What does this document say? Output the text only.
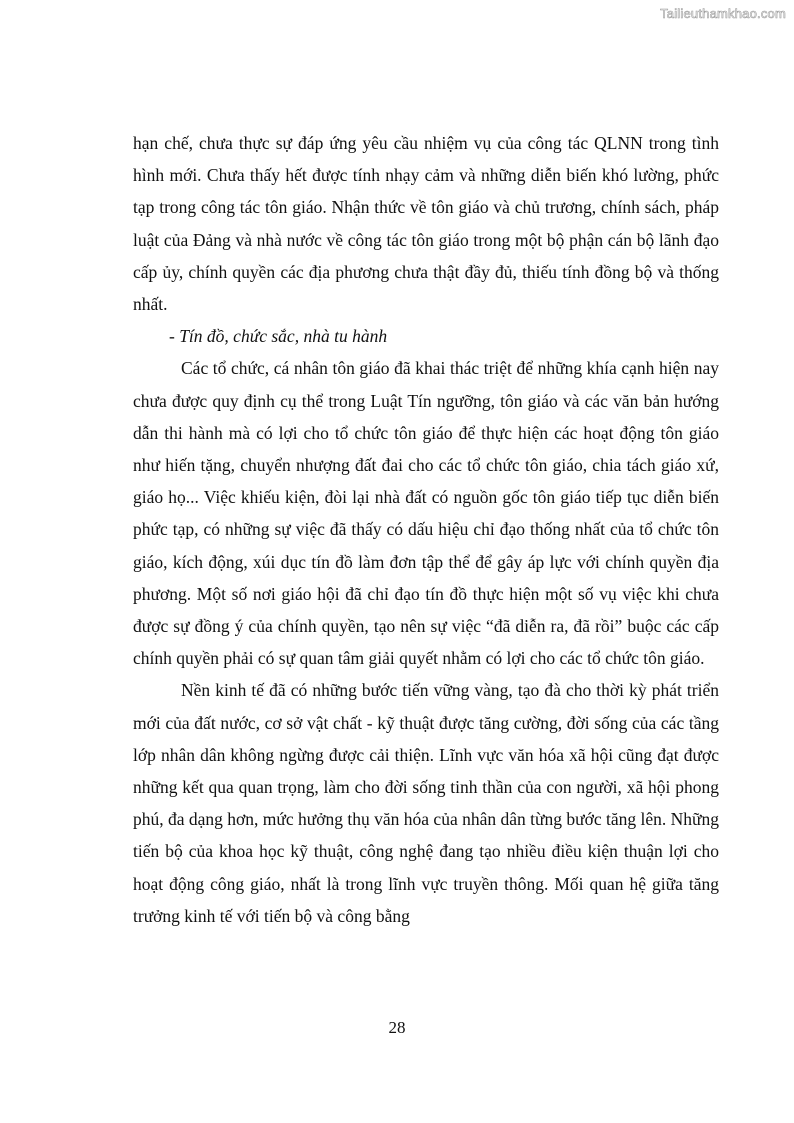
Tailieuthamkhao.com

hạn chế, chưa thực sự đáp ứng yêu cầu nhiệm vụ của công tác QLNN trong tình hình mới. Chưa thấy hết được tính nhạy cảm và những diễn biến khó lường, phức tạp trong công tác tôn giáo. Nhận thức về tôn giáo và chủ trương, chính sách, pháp luật của Đảng và nhà nước về công tác tôn giáo trong một bộ phận cán bộ lãnh đạo cấp ủy, chính quyền các địa phương chưa thật đầy đủ, thiếu tính đồng bộ và thống nhất.

- Tín đồ, chức sắc, nhà tu hành

Các tổ chức, cá nhân tôn giáo đã khai thác triệt để những khía cạnh hiện nay chưa được quy định cụ thể trong Luật Tín ngưỡng, tôn giáo và các văn bản hướng dẫn thi hành mà có lợi cho tổ chức tôn giáo để thực hiện các hoạt động tôn giáo như hiến tặng, chuyển nhượng đất đai cho các tổ chức tôn giáo, chia tách giáo xứ, giáo họ... Việc khiếu kiện, đòi lại nhà đất có nguồn gốc tôn giáo tiếp tục diễn biến phức tạp, có những sự việc đã thấy có dấu hiệu chỉ đạo thống nhất của tổ chức tôn giáo, kích động, xúi dục tín đồ làm đơn tập thể để gây áp lực với chính quyền địa phương. Một số nơi giáo hội đã chỉ đạo tín đồ thực hiện một số vụ việc khi chưa được sự đồng ý của chính quyền, tạo nên sự việc “đã diễn ra, đã rồi” buộc các cấp chính quyền phải có sự quan tâm giải quyết nhằm có lợi cho các tổ chức tôn giáo.

Nền kinh tế đã có những bước tiến vững vàng, tạo đà cho thời kỳ phát triển mới của đất nước, cơ sở vật chất - kỹ thuật được tăng cường, đời sống của các tầng lớp nhân dân không ngừng được cải thiện. Lĩnh vực văn hóa xã hội cũng đạt được những kết qua quan trọng, làm cho đời sống tinh thần của con người, xã hội phong phú, đa dạng hơn, mức hưởng thụ văn hóa của nhân dân từng bước tăng lên. Những tiến bộ của khoa học kỹ thuật, công nghệ đang tạo nhiều điều kiện thuận lợi cho hoạt động công giáo, nhất là trong lĩnh vực truyền thông. Mối quan hệ giữa tăng trưởng kinh tế với tiến bộ và công bằng

28
